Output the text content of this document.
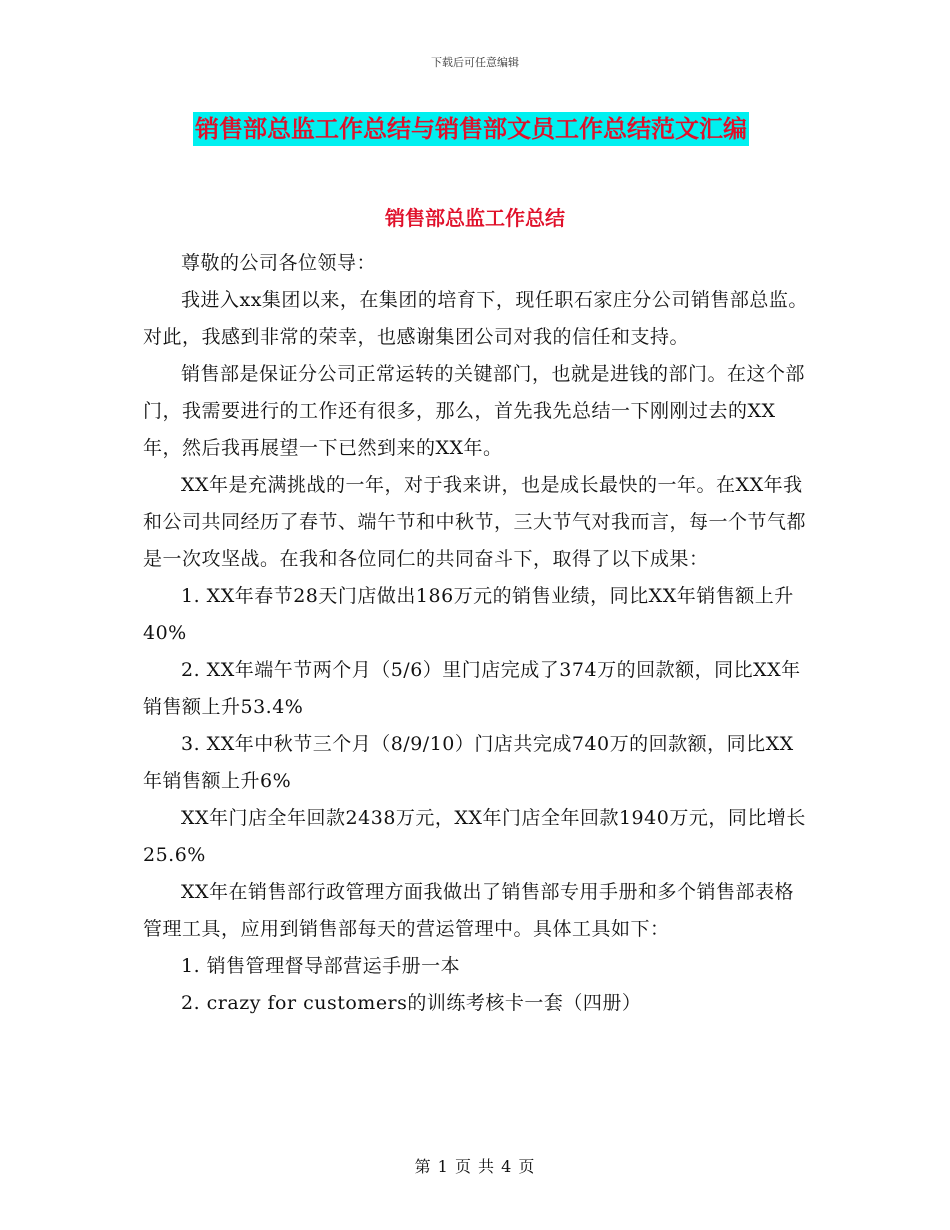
下载后可任意编辑
销售部总监工作总结与销售部文员工作总结范文汇编
销售部总监工作总结

尊敬的公司各位领导：

我进入xx集团以来，在集团的培育下，现任职石家庄分公司销售部总监。对此，我感到非常的荣幸，也感谢集团公司对我的信任和支持。

销售部是保证分公司正常运转的关键部门，也就是进钱的部门。在这个部门，我需要进行的工作还有很多，那么，首先我先总结一下刚刚过去的XX年，然后我再展望一下已然到来的XX年。

XX年是充满挑战的一年，对于我来讲，也是成长最快的一年。在XX年我和公司共同经历了春节、端午节和中秋节，三大节气对我而言，每一个节气都是一次攻坚战。在我和各位同仁的共同奋斗下，取得了以下成果：

1. XX年春节28天门店做出186万元的销售业绩，同比XX年销售额上升40%

2. XX年端午节两个月（5/6）里门店完成了374万的回款额，同比XX年销售额上升53.4%

3. XX年中秋节三个月（8/9/10）门店共完成740万的回款额，同比XX年销售额上升6%

XX年门店全年回款2438万元，XX年门店全年回款1940万元，同比增长25.6%

XX年在销售部行政管理方面我做出了销售部专用手册和多个销售部表格管理工具，应用到销售部每天的营运管理中。具体工具如下：

1. 销售管理督导部营运手册一本

2. crazy for customers的训练考核卡一套（四册）

第 1 页 共 4 页
